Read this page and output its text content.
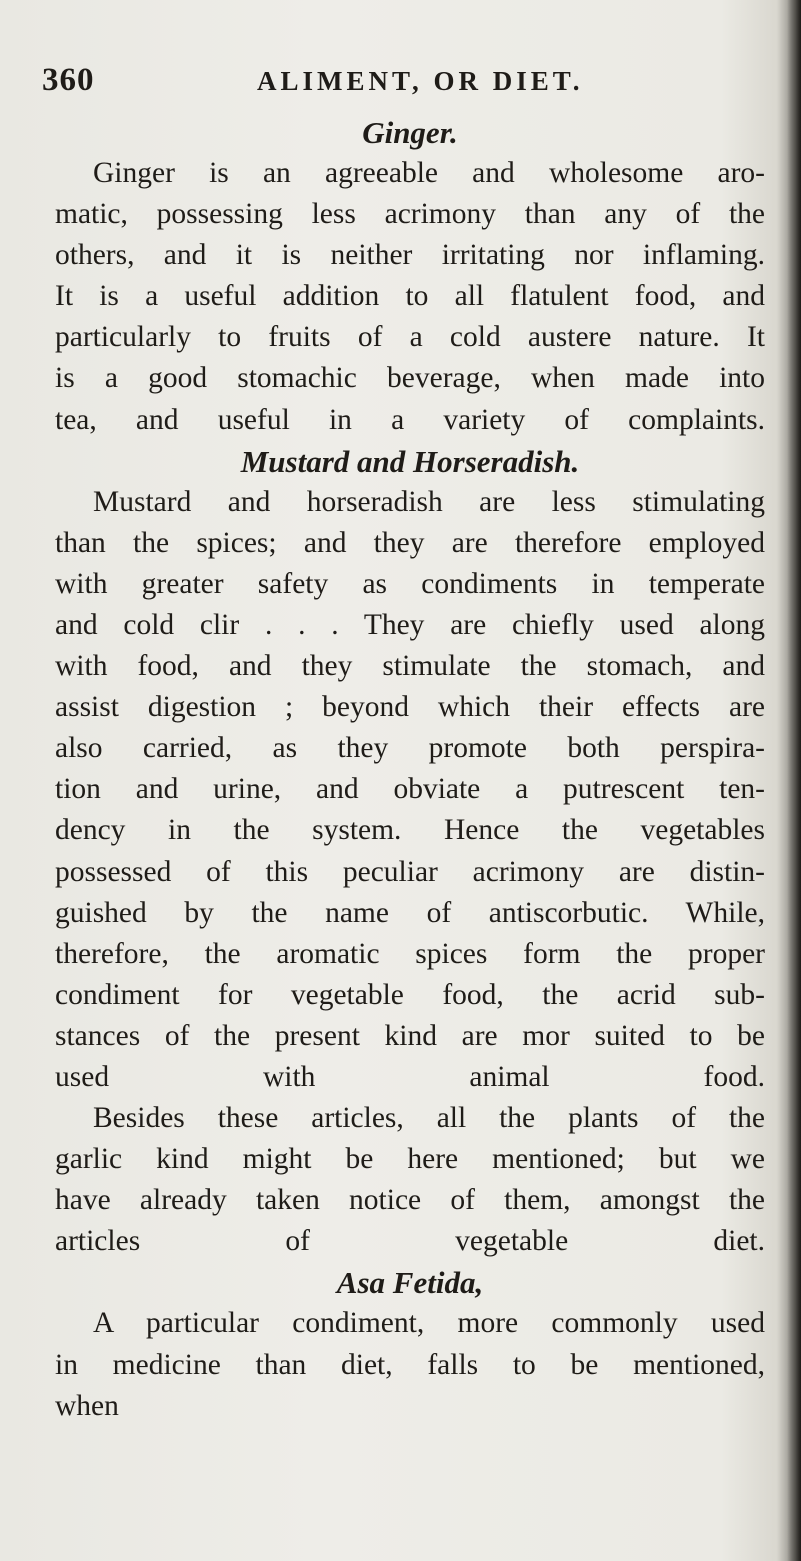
360	ALIMENT, OR DIET.
Ginger.

Ginger is an agreeable and wholesome aro-
matic, possessing less acrimony than any of the
others, and it is neither irritating nor inflaming.
It is a useful addition to all flatulent food, and
particularly to fruits of a cold austere nature. It
is a good stomachic beverage, when made into
tea, and useful in a variety of complaints.

Mustard and Horseradish.

Mustard and horseradish are less stimulating
than the spices; and they are therefore employed
with greater safety as condiments in temperate
and cold clir . . . They are chiefly used along
with food, and they stimulate the stomach, and
assist digestion ; beyond which their effects are
also carried, as they promote both perspira-
tion and urine, and obviate a putrescent ten-
dency in the system. Hence the vegetables
possessed of this peculiar acrimony are distin-
guished by the name of antiscorbutic. While,
therefore, the aromatic spices form the proper
condiment for vegetable food, the acrid sub-
stances of the present kind are mor suited to be
used with animal food.

Besides these articles, all the plants of the
garlic kind might be here mentioned; but we
have already taken notice of them, amongst the
articles of vegetable diet.

Asa Fetida,

A particular condiment, more commonly used
in medicine than diet, falls to be mentioned,
when
